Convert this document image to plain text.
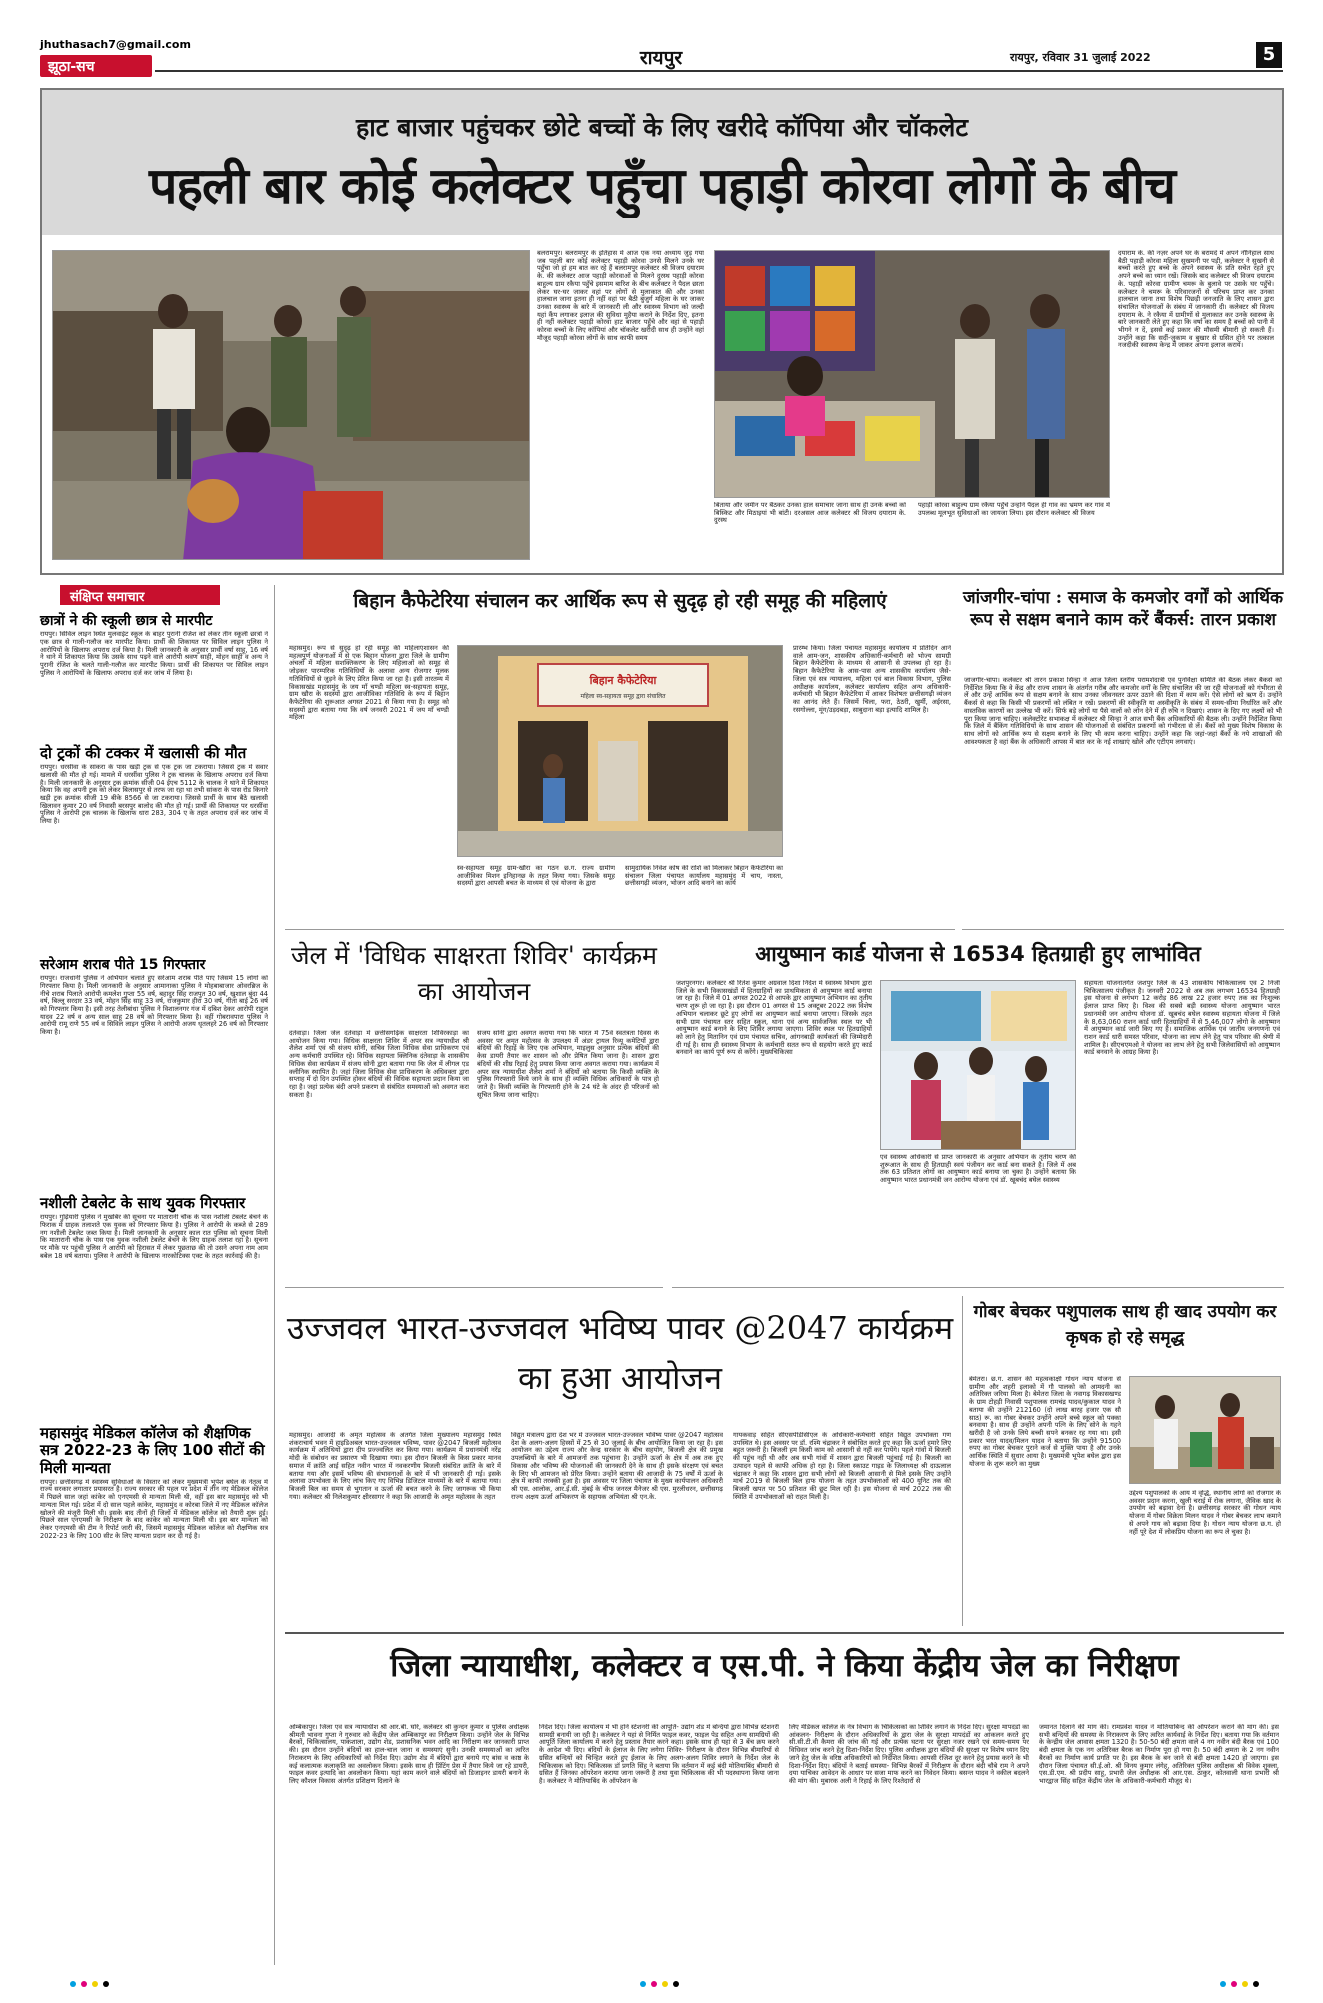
jhuthasach7@gmail.com
झूठा-सच	रायपुर	रायपुर, रविवार 31 जुलाई 2022	5
हाट बाजार पहुंचकर छोटे बच्चों के लिए खरीदे कॉपिया और चॉकलेट
पहली बार कोई कलेक्टर पहुँचा पहाड़ी कोरवा लोगों के बीच
बलरामपुर। बलरामपुर के इतिहास में आज एक नया अध्याय जुड़ गया जब पहली बार कोई कलेक्टर पहाड़ी कोरवा उनसे मिलने उनके घर पहुँचा जो हां हम बात कर रहे हैं बलरामपुर कलेक्टर श्री विजय दयाराम के. की कलेक्टर आज पहाड़ी कोरवाओं से मिलने दुरस्थ पहाड़ी कोरवा बाहुल्य ग्राम रकैया पहुँचे इसमाम बारिश के बीच कलेक्टर ने पैदल छाता लेकर घर-घर जाकर वहां पर लोगों से मुलाकात की और उनका हालचाल जाना इतना ही नहीं वहां पर बैठी बुजुर्ग महिला के घर जाकर उनका स्वास्थ्य के बारे में जानकारी ली और स्वास्थ्य विभाग को जल्दी यहां कैंप लगाकर इलाज की सुविधा मुहैया कराने के निर्देश दिए, इतना ही नहीं कलेक्टर पहाड़ी कोरवा हाट बाजार पहुँचे और वहां से पहाड़ी कोरवा बच्चों के लिए कॉपियां और चॉकलेट खरीदी साथ ही उन्होंने वहां मौजूद पहाड़ी कोरवा लोगों के साथ काफी समय
बिताया और जमीन पर बैठकर उनका हाल समाचार जाना साथ ही उनके बच्चों को बिस्किट और मिठाइयां भी बांटी। दरअसल आज कलेक्टर श्री विजय दयाराम के. दुरस्थ
पहाड़ी कोरवा बाहुल्य ग्राम रकैया पहुँचे उन्होंने पैदल ही गांव का भ्रमण कर गांव में उपलब्ध मूलभूत सुविधाओं का जायजा लिया। इस दौरान कलेक्टर श्री विजय
दयाराम के. की नज़र अपने घर के बरामदे में अपने नौनिहाल साथ बैठी पहाड़ी कोरवा महिला सुखमनी पर पड़ी, कलेक्टर ने सुखनी से बच्चों करते हुए बच्चे के अपने स्वास्थ्य के प्रति सचेत रहते हुए अपने बच्चे का ध्यान रखें। जिसके बाद कलेक्टर श्री विजय दयाराम के. पहाड़ी कोरवा ग्रामीण चमरू के बुलावे पर उसके घर पहुँचे। कलेक्टर ने चमरू के परिवारजनों से परिचय प्राप्त कर उनका हालचाल जाना तथा विशेष पिछड़ी जनजाति के लिए शासन द्वारा संचालित योजनाओं के संबंध में जानकारी दी। कलेक्टर श्री विजय दयाराम के. ने रकैया में ग्रामीणों से मुलाकात कर उनके स्वास्थ्य के बारे जानकारी लेते हुए कहा कि वर्षा का समय है बच्चों को पानी में भीगने न दें, इससे कई प्रकार की मौसमी बीमारी हो सकती हैं। उन्होंने कहा कि सर्दी-जुकाम व बुखार से ग्रसित होने पर तत्काल नजदीकी स्वास्थ्य केन्द्र में जाकर अपना इलाज करायें।
संक्षिप्त समाचार
छात्रों ने की स्कूली छात्र से मारपीट
रायपुर। सिविल लाइन स्थित मुलवाईट स्कूल के बाहर पुरानी रंजिश को लेकर तीन स्कूली छात्रों ने एक छात्र से गाली-गलौज कर मारपीट किया। प्रार्थी की शिकायत पर सिविल लाइन पुलिस ने आरोपियों के खिलाफ अपराध दर्ज किया है। मिली जानकारी के अनुसार प्रार्थी वर्षा साहू, 16 वर्ष ने थाने में शिकायत किया कि उसके साथ पढ़ने वाले आरोपी श्रवण साही, मोहन साही व अन्य ने पुरानी रंजिश के चलते गाली-गलौज कर मारपीट किया। प्रार्थी की शिकायत पर सिविल लाइन पुलिस ने आरोपियों के खिलाफ अपराध दर्ज कर जांच में लिया है।
दो ट्रकों की टक्कर में खलासी की मौत
रायपुर। धरसींवा के सांकरा के पास खड़ी ट्रक से एक ट्रक जा टकराया। जिससे ट्रक में सवार खलासी की मौत हो गई। मामले में धरसींवा पुलिस ने ट्रक चालक के खिलाफ अपराध दर्ज किया है। मिली जानकारी के अनुसार ट्रक क्रमांक सीजी 04 ईएच 5112 के चालक ने थाने में शिकायत किया कि वह अपनी ट्रक को लेकर बिलासपुर से तरफ जा रहा था तभी सांकरा के पास रोड किनारे खड़ी ट्रक क्रमांक सीजी 19 बीके 8566 से जा टकराया। जिससे प्रार्थी के साथ बैठे खलासी खिलावन कुमार 20 वर्ष निवासी बरसपुर बालोद की मौत हो गई। प्रार्थी की शिकायत पर धरसींवा पुलिस ने आरोपी ट्रक चालक के खिलाफ धारा 283, 304 ए के तहत अपराध दर्ज कर जांच में लिया है।
सरेआम शराब पीते 15 गिरफ्तार
रायपुर। राजधानी पुलिस ने अभियान चलाते हुए सरेआम शराब पीते पाए जिसमे 15 लोगों को गिरफ्तार किया है। मिली जानकारी के अनुसार आमानाका पुलिस ने मोहबाबाजार ओवरब्रिज के नीचे शराब पिलाते आरोपी कमलेश गुप्ता 55 वर्ष, बहादुर सिंह राजपुत 30 वर्ष, खुशाल बुंदा 44 वर्ष, बिल्लू सरदार 33 वर्ष, मोहन सिंह साहू 33 वर्ष, राजकुमार हीरा 30 वर्ष, गीता बाई 26 वर्ष को गिरफ्तार किया है। इसी तरह तेलीबांधा पुलिस ने विशालनगर गंज में दबिश देकर आरोपी राहुल यादव 22 वर्ष व अन्य साल साहू 28 वर्ष को गिरफ्तार किया है। वहीं गोबरावपारा पुलिस ने आरोपी रामू राणे 55 वर्ष व सिविल लाइन पुलिस ने आरोपी अजय धृतलहरे 26 वर्ष को गिरफ्तार किया है।
नशीली टेबलेट के साथ युवक गिरफ्तार
रायपुर। गुढ़ियारी पुलिस ने मुखबिर की सूचना पर मातारानी चौक के पास नशीली टेबलेट बेचने के फिराक में ग्राहक तलाशते एक युवक को गिरफ्तार किया है। पुलिस ने आरोपी के कब्जे से 289 नग नशीली टेबलेट जब्त किया है। मिली जानकारी के अनुसार काल रात पुलिस को सूचना मिली कि मातारानी चौक के पास एक युवक नशीली टेबलेट बेचने के लिए ग्राहक तलाश रहा है। सूचना पर मौके पर पहुंची पुलिस ने आरोपी को हिरासत में लेकर पूछताछ की तो उसने अपना नाम आम बबेल 18 वर्ष बताया। पुलिस ने आरोपी के खिलाफ नारकोटिक्स एक्ट के तहत कार्रवाई की है।
महासमुंद मेडिकल कॉलेज को शैक्षणिक सत्र 2022-23 के लिए 100 सीटों की मिली मान्यता
रायपुर। छत्तीसगढ़ में स्वास्थ्य सुविधाओं के विस्तार को लेकर मुख्यमंत्री भूपेश बघेल के नेतृत्व में राज्य सरकार लगातार प्रयासरत है। राज्य सरकार की पहल पर प्रदेश में तीन नए मेडिकल कॉलेज में पिछले साल जहां कांकेर को एनएमसी से मान्यता मिली थी, वहीं इस बार महासमुंद को भी मान्यता मिल गई। प्रदेश में दो साल पहले कांकेर, महासमुंद व कोरबा जिले में नए मेडिकल कॉलेज खोलने की मंजूरी मिली थी। इसके बाद तीनों ही जिलों में मेडिकल कॉलेज को तैयारी शुरू हुई। पिछले साल एनएमसी के निरीक्षण के बाद कांकेर को मान्यता मिली थी। इस बार मान्यता को लेकर एनएमसी की टीम ने रिपोर्ट जारी की, जिसमें महासमुंद मेडिकल कॉलेज को शैक्षणिक सत्र 2022-23 के लिए 100 सीट के लिए मान्यता प्रदान कर दी गई है।
बिहान कैफेटेरिया संचालन कर आर्थिक रूप से सुदृढ़ हो रही समूह की महिलाएं
महासमुंद। रूप से सुदृढ़ हो रही समूह की महिलाएंशासन की महत्वपूर्ण योजनाओं में से एक बिहान योजना द्वारा जिले के ग्रामीण अंचलों में महिला सशक्तिकरण के लिए महिलाओं को समूह से जोड़कर पारम्परिक गतिविधियों के अलावा अन्य रोजगार मूलक गतिविधियों से जुड़ने के लिए प्रेरित किया जा रहा है। इसी तारतम्य में विकासखंड महासमुंद के जय माँ चण्डी महिला स्व-सहायता समूह, ग्राम खौरा के सदस्यों द्वारा आजीविका गतिविधि के रूप में बिहान कैफेटेरिया की शुरूआत अगस्त 2021 से किया गया है। समूह को सदस्यों द्वारा बताया गया कि वर्ष जनवरी 2021 में जय माँ चण्डी महिला
बिहान कैफेटेरिया
महिला स्व-सहायता समूह द्वारा संचालित
स्व-सहायता समूह ग्राम-खौरा का गठन छ.ग. राज्य ग्रामीण आजीविका मिशन इनिहानछ के तहत किया गया। जिसके समूह सदस्यों द्वारा आपसी बचत के माध्यम से एवं योजना के द्वारा
सामुदायिक निवेश कोष की राशि को मिलाकर बिहान कैफेटेरिया का संचालन जिला पंचायत कार्यालय महासमुंद में चाय, नास्ता, छत्तीसगढ़ी व्यंजन, भोजन आदि बनाने का कार्य
प्रारम्भ किया। जिला पंचायत महासमुंद कार्यालय में प्रतिदिन आने वाले आम-जन, शासकीय अधिकारी-कर्मचारी को भोज्य सामग्री बिहान कैफेटेरिया के माध्यम से आसानी से उपलब्ध हो रहा है। बिहान कैफेटेरिया के आस-पास अन्य शासकीय कार्यालय जैसे-जिला एवं सत्र न्यायालय, महिला एवं बाल विकास विभाग, पुलिस अधीक्षक कार्यालय, कलेक्टर कार्यालय सहित अन्य अधिकारी-कर्मचारी भी बिहान कैफेटेरिया में आकर विशेषतः छत्तीसगढ़ी व्यंजन का आनंद लेते हैं। जिसमें चिला, फरा, ठेठरी, खुर्मी, अईरसा, रसगोल्ला, मूंग/उड़दबड़ा, साबुदाना बड़ा इत्यादि शामिल है।
जांजगीर-चांपा : समाज के कमजोर वर्गों को आर्थिक रूप से सक्षम बनाने काम करें बैंकर्स: तारन प्रकाश
जांजगीर-चांपा। कलेक्टर श्री तारन प्रकाश सिन्हा ने आज जिला स्तरीय परामर्शदात्री एवं पुनर्विक्षा समिति की बैठक लेकर बैंकर्स को निर्देशित किया कि वे केंद्र और राज्य शासन के अंतर्गत गरीब और कमजोर वर्गों के लिए संचालित की जा रही योजनाओं को गंभीरता से लें और उन्हें आर्थिक रूप से सक्षम बनाने के साथ उनका जीवनस्तर ऊपर उठाने की दिशा में काम करें। ऐसे लोगों को ऋण दें। उन्होंने बैंकर्स से कहा कि किसी भी प्रकरणों को लंबित न रखें। प्रकरणों की स्वीकृति या अस्वीकृति के संबंध में समय-सीमा निर्धारित करें और वास्तविक कारणों का उल्लेख भी करें। सिर्फ बड़े लोगों या पैसे वालों को लोन देने में ही रुचि न दिखाएं। शासन के दिए गए लक्ष्यों को भी पूरा किया जाना चाहिए। कलेक्टोरेट सभाकक्ष में कलेक्टर श्री सिन्हा ने आज सभी बैंक अधिकारियों की बैठक ली। उन्होंने निर्देशित किया कि जिले में बैंकिंग गतिविधियों के साथ शासन की योजनाओं से संबंधित प्रकरणों को गंभीरता से लें। बैंकों को मुख्य विशेष विकास के साथ लोगों को आर्थिक रूप से सक्षम बनाने के लिए भी काम करना चाहिए। उन्होंने कहा कि जहां-जहां बैंकों के नये शाखाओं की आवश्यकता है वहां बैंक के अधिकारी आपस में बात कर के नई शाखाएं खोले और एटीएम लगवाएं।
जेल में 'विधिक साक्षरता शिविर' कार्यक्रम का आयोजन
दंतेवाड़ा। जिला जेल दंतेवाड़ा में छत्तीसगढ़िक साक्षरता शिविरकाड़ा का आयोजन किया गया। विधिक साक्षरता शिविर में अपर सत्र न्यायाधीश श्री शैलेश शर्मा एवं श्री संजय सोनी, सचिव जिला विधिक सेवा प्राधिकरण एवं अन्य कर्मचारी उपस्थित रहे। विधिक सहायता क्लिनिक दंतेवाड़ा के शासकीय विधिक सेवा कार्यक्रम में संजय सोनी द्वारा बताया गया कि जेल में लीगल एड क्लीनिक स्थापित है। जहां जिला विधिक सेवा प्राधिकरण के अधिवक्ता द्वारा सप्ताह में दो दिन उपस्थित होकर बंदियों की विधिक सहायता प्रदान किया जा रहा है। जहां प्रत्येक बंदी अपने प्रकरण से संबंधित समस्याओं को अवगत करा सकता है।
संजय सोनी द्वारा अवगत कराया गया कि भारत में 75वें स्वतंत्रता दिवस के अवसर पर अमृत महोत्सव के उपलक्ष्य में अंडर ट्रायल रिव्यू कमेटियों द्वारा बंदियों की रिहाई के लिए एक अभियान, माइलुस अनुसार प्रत्येक बंदियों की केस डायरी तैयार कर शासन को और प्रेषित किया जाना है। शासन द्वारा बंदियों की शीघ्र रिहाई हेतु प्रयास किया जाना अवगत कराया गया। कार्यक्रम में अपर सत्र न्यायाधीश शैलेश शर्मा ने बंदियों को बताया कि किसी व्यक्ति के पुलिस गिरफ्तारी किये जाने के साथ ही व्यक्ति विधिक अधिकारों के पात्र हो जाते है। किसी व्यक्ति के गिरफ्तारी होने के 24 घंटे के अंदर ही परिजनों को सूचित किया जाना चाहिए।
आयुष्मान कार्ड योजना से 16534 हितग्राही हुए लाभांवित
जशपुरनगर। कलेक्टर श्री रितेश कुमार अग्रवाल दिशा निर्देश में स्वास्थ्य विभाग द्वारा जिले के सभी विकासखंडों में हितग्राहियों का प्राथमिकता से आयुष्मान कार्ड बनाया जा रहा है। जिले में 01 अगस्त 2022 से आपके द्वार आयुष्मान अभियान का तृतीय चरण शुरू हो जा रहा है। इस दौरान 01 अगस्त से 15 अक्टूबर 2022 तक विशेष अभियान चलाकर छूटे हुए लोगों का आयुष्मान कार्ड बनाया जाएगा। जिसके तहत सभी ग्राम पंचायत स्तर सहित स्कूल, थाना एवं अन्य सार्वजनिक स्थल पर भी आयुष्मान कार्ड बनाने के लिए शिविर लगाया जाएगा। शिविर स्थल पर हितग्राहियों को लाने हेतु मितानिन एवं ग्राम पंचायत सचिव, आंगनबाड़ी कार्यकर्ता की जिम्मेदारी दी गई है। साथ ही स्वास्थ्य विभाग के कर्मचारी सतत रूप से सहयोग करते हुए कार्ड बनवाने का कार्य पूर्ण रूप से करेंगे। मुख्यचिकित्सा
एवं स्वास्थ्य अधिकारी से प्राप्त जानकारी के अनुसार अभियान के तृतीय चरण की शुरूआत के साथ ही हितग्राही स्वयं पंजीयन कर कार्ड बना सकते है। जिले में अब तक 63 प्रतिशत लोगों का आयुष्मान कार्ड बनाया जा चुका है। उन्होंने बताया कि आयुष्मान भारत प्रधानमंत्री जन आरोग्य योजना एवं डॉ. खूबचंद बघेल स्वास्थ्य
सहायता योजनांतर्गत जशपुर जिले के 43 शासकीय चिकित्सालय एवं 2 निजी चिकित्सालय पंजीकृत है। जनवरी 2022 से अब तक लगभग 16534 हितग्राही इस योजना से लगभग 12 करोड़ 86 लाख 22 हजार रुपए तक का निःशुल्क ईलाज प्राप्त किए है। विश्व की सबसे बड़ी स्वास्थ्य योजना आयुष्मान भारत प्रधानमंत्री जन आरोग्य योजना डॉ. खूबचंद बघेल स्वास्थ्य सहायता योजना में जिले के 8,63,060 राशन कार्ड धारी हितग्राहियों में से 5,46,007 लोगो के आयुष्मान में आयुष्मान कार्ड जारी किए गए हैं। समाजिक आर्थिक एवं जातीय जनगणना एवं राशन कार्ड धारी समस्त परिवार, योजना का लाभ लेने हेतु पात्र परिवार की श्रेणी में शामिल है। सीएचएमओ ने योजना का लाभ लेने हेतु सभी जिलेवासियों को आयुष्मान कार्ड बनवाने के आग्रह किया है।
उज्जवल भारत-उज्जवल भविष्य पावर @2047 कार्यक्रम का हुआ आयोजन
महासमुंद। आजादी के अमृत महोत्सव के अंतर्गत जिला मुख्यालय महासमुंद स्थित शंकराचार्य भवन में हाइडिअबल भारत-उज्जवल भविष्य, पावर @2047 बिजली महोत्सव कार्यक्रम में अतिथियों द्वारा दीप प्रज्ज्वलित कर किया गया। कार्यक्रम में प्रधानमंत्री नरेंद्र मोदी के संबोधन का प्रसारण भी दिखाया गया। इस दौरान बिजली के किस प्रकार मानव समाज में क्रांति आई सहित नवीन भारत में नवकरणीय बिजली संबंधित क्रांति के बारे में बताया गया और इसमें भविष्य की संभावनाओं के बारे में भी जानकारी दी गई। इसके अलावा उपभोक्ता के लिए लांच किए गए विभिन्न डिजिटल माध्यमों के बारे में बताया गया। बिजली बिल का समय से भुगतान व ऊर्जा की बचत करने के लिए जागरूक भी किया गया। कलेक्टर श्री निलेशकुमार क्षीरसागर ने कहा कि आजादी के अमृत महोत्सव के तहत
विद्युत मंत्रालय द्वारा देश भर में उज्जवल भारत-उज्जवल भविष्य पावर @2047 महोत्सव देश के अलग-अलग हिस्सों में 25 से 30 जुलाई के बीच आयोजित किया जा रहा है। इस आयोजन का उद्देश्य राज्य और केन्द्र सरकार के बीच सहयोग, बिजली क्षेत्र की प्रमुख उपलब्धियों के बारे में आमजनों तक पहुंचाना है। उन्होंने ऊर्जा के क्षेत्र में अब तक हुए विकास और भविष्य की योजनाओं की जानकारी देने के साथ ही इसके संरक्षण एवं बचत के लिए भी आमजन को प्रेरित किया। उन्होंने बताया की आजादी के 75 वर्षों में ऊर्जा के क्षेत्र में काफी तरक्की हुआ है। इस अवसर पर जिला पंचायत के मुख्य कार्यपालन अधिकारी श्री एस. आलोक, आर.ई.सी. मुंबई के चीफ जनरल मैनेजर श्री एस. मुरलीधरन, छत्तीसगढ़ राज्य अक्षय ऊर्जा अभिकरण के सहायक अभियंता श्री एन.के.
गायकवाड़ सहित सीएसपीडीसीएल के अधिकारी-कर्मचारी सहित विद्युत उपभोक्ता गण उपस्थित थे। इस अवसर पर डॉ. रश्मि चंद्राकर ने संबोधित करते हुए कहा कि ऊर्जा हमारे लिए बहुत जरूरी है। बिजली हम किसी काम को आसानी से नहीं कर पायेंगे। पहले गांवों में बिजली की पहुंच नहीं थी और अब सभी गांवों में शासन द्वारा बिजली पहुंचाई गई है। बिजली का उत्पादन पहले से काफी अधिक हो रहा है। जिला स्काउट गाइड के जिलाध्यक्ष श्री दाऊलाल चंद्राकर ने कहा कि शासन द्वारा सभी लोगों को बिजली आसानी से मिले इसके लिए उन्होंने मार्च 2019 से बिजली बिल हाफ योजना के तहत उपभोक्ताओं को 400 यूनिट तक की बिजली खपत पर 50 प्रतिशत की छूट मिल रही है। इस योजना से मार्च 2022 तक की स्थिति में उपभोक्ताओं को राहत मिली है।
गोबर बेचकर पशुपालक साथ ही खाद उपयोग कर कृषक हो रहे समृद्ध
बेमेतरा। छ.ग. शासन की महत्वकांक्षी गोधन न्याय योजना से ग्रामीण और शहरी इलाको में गौ पालको को आमदनी का अतिरिक्त जरिया मिला है। बेमेतरा जिला के नवागढ़ विकासखण्ड के ग्राम टोहड़ी निवासी पशुपालक रामचंद्र यादव/कुकाल यादव ने बताया की उन्होंने 212160 (दो लाख बारह हजार एक सौ साठ) रू. का गोबर बेचकर उन्होंने अपने बच्चे स्कूल को पक्का बनवाया है। साथ ही उन्होंने अपनी पत्नि के लिए सोने के गहने खरीदी है जो उनके लिये बच्ची सपने बनकर रह गया था। इसी प्रकार भरत यादव/मिलन यादव ने बताया कि उन्होंने 91500 रुपए का गोबर बेचकर पुराने कर्ज से मुक्ति पाया है और उनके आर्थिक स्थिति में सुधार आया है। मुख्यमंत्री भूपेश बघेल द्वारा इस योजना के शुरू करने का मुख्य
उद्देश्य पशुपालको के आय में वृद्धि, स्थानीय लोगो को रोजगार के अवसर प्रदान करना, खुली चराई में रोक लगाना, जैविक खाद के उपयोग को बढ़ावा देना है। छत्तीसगढ़ सरकार की गोधन न्याय योजना में गोबर विक्रेता मिलन यादव ने गोबर बेचकर लाभ कमाने से अपने गाय को बढ़ावा दिया है। गोधन न्याय योजना छ.ग. हो नहीं पूरे देश में लोकप्रिय योजना का रूप ले चुका है।
जिला न्यायाधीश, कलेक्टर व एस.पी. ने किया केंद्रीय जेल का निरीक्षण
अम्बिकापुर। जिला एवं सत्र न्यायाधीश श्री आर.बी. घोरे, कलेक्टर श्री कुन्दन कुमार व पुलिस अधीक्षक श्रीमती भावना गुप्ता ने गुरुवार को केंद्रीय जेल अम्बिकापुर का निरीक्षण किया। उन्होंने जेल के विभिन्न बैरकों, चिकित्सालय, पाकशाला, उद्योग शेड, प्रशासनिक भवन आदि का निरीक्षण कर जानकारी प्राप्त की। इस दौरान उन्होंने बंदियों का हाल-चाल जाना व समस्याएं सुनी। उनकी समस्याओं का त्वरित निराकरण के लिए अधिकारियों को निर्देश दिए। उद्योग शेड में बंदियों द्वारा बनाये गए बांस व काष्ठ के कई कलात्मक कलाकृति का अवलोकन किया। इसके साथ ही प्रिंटिंग प्रेस में तैयार किये जा रहे डायरी, फाइल कवर इत्यादि का अवलोकन किया। यहां काम करने वाले बंदियों को डिजाइनर डायरी बनाने के लिए कौशल विकास अंतर्गत प्रशिक्षण दिलाने के
निर्देश दिए। जिला कार्यालय में भी होने स्टेशनरी की आपूर्ति- उद्योग शेड में बन्दियों द्वारा विभिन्न स्टेशनरी सामग्री बनायी जा रही है। कलेक्टर ने यहां से निर्मित फाइल कवर, फाइल पेड सहित अन्य सामग्रियों की आपूर्ति जिला कार्यालय में करने हेतु प्रस्ताव तैयार करने कहा। इसके साथ ही यहां से 3 बेंच क्रय करने के आदेश भी दिए। बंदियों के ईलाज के लिए लगेगा शिविर- निरीक्षण के दौरान विभिन्न बीमारियों से ग्रसित बन्दियों को चिन्हित करते हुए ईलाज के लिए अलग-अलग शिविर लगाने के निर्देश जेल के चिकित्सक को दिए। चिकित्सक डॉ प्रगति सिंह ने बताया कि वर्तमान में कई बंदी मोतियाबिंद बीमारी से ग्रसित हैं जिनका ऑपरेशन कराया जाना जरूरी है तथा युवा चिकित्सक की भी पदस्थापना किया जाना है। कलेक्टर ने मोतियाबिंद के ऑपरेशन के
लिए मेडिकल कॉलेज के नेत्र विभाग के चिकित्सकों का शिविर लगाने के निर्देश दिए। सुरक्षा मापदंडो का आंकलन- निरीक्षण के दौरान अधिकारियों के द्वारा जेल के सुरक्षा मापदंडों का आंकलन करते हुए सी.सी.टी.वी कैमरा की जांच की गई और प्रत्येक घटना पर सुरक्षा नजर रखने एवं समय-समय पर विधिवत जांच करने हेतु दिशा-निर्देश दिए। पुलिस अधीक्षक द्वारा बंदियों की सुरक्षा पर विशेष ध्यान दिए जाने हेतु जेल के वरिष्ठ अधिकारियों को निर्देशित किया। आपसी रंजिश दूर करने हेतु प्रयास करने के भी दिशा-निर्देश दिए। बंदियों ने बताई समस्या- विभिन्न बैरकों में निरीक्षण के दौरान बंदी चौबे राम ने अपने दया याचिका आवेदन के आधार पर सजा माफ करने का निवेदन किया। बसन्त यादव ने वकील बदलने की मांग की। मुबारक अली ने रिहाई के लिए रिश्तेदारों से
जमानत दिलाने की मांग की। रामप्रवेश यादव ने मोतियाबिन्द की ऑपरेशन कराने की मांग की। इस सभी बन्दियों की समस्या के निराकरण के लिए त्वरित कार्यवाई के निर्देश दिए। बताया गया कि वर्तमान के केन्द्रीय जेल आवास क्षमता 1320 है। 50-50 बंदी क्षमता वाले 4 नग नवीन बंदी बैरक एवं 100 बंदी क्षमता के एक नग अतिरिक्त बैरक का निर्माण पूरा हो गया है। 50 बंदी क्षमता के 2 नग नवीन बैरकों का निर्माण कार्य प्रगति पर है। इस बैरक के बन जाने से बंदी क्षमता 1420 हो जाएगा। इस दौरान जिला पंचायत सी.ई.ओ. श्री विनय कुमार लंगेह, अतिरिक्त पुलिस अधीक्षक श्री विवेक शुक्ला, एस.डी.एम. श्री प्रदीप साहू, प्रभारी जेल अधीक्षक श्री आर.एस. ठाकुर, कोतवाली थाना प्रभारी श्री भारद्वाज सिंह सहित केंद्रीय जेल के अधिकारी-कर्मचारी मौजूद थे।
